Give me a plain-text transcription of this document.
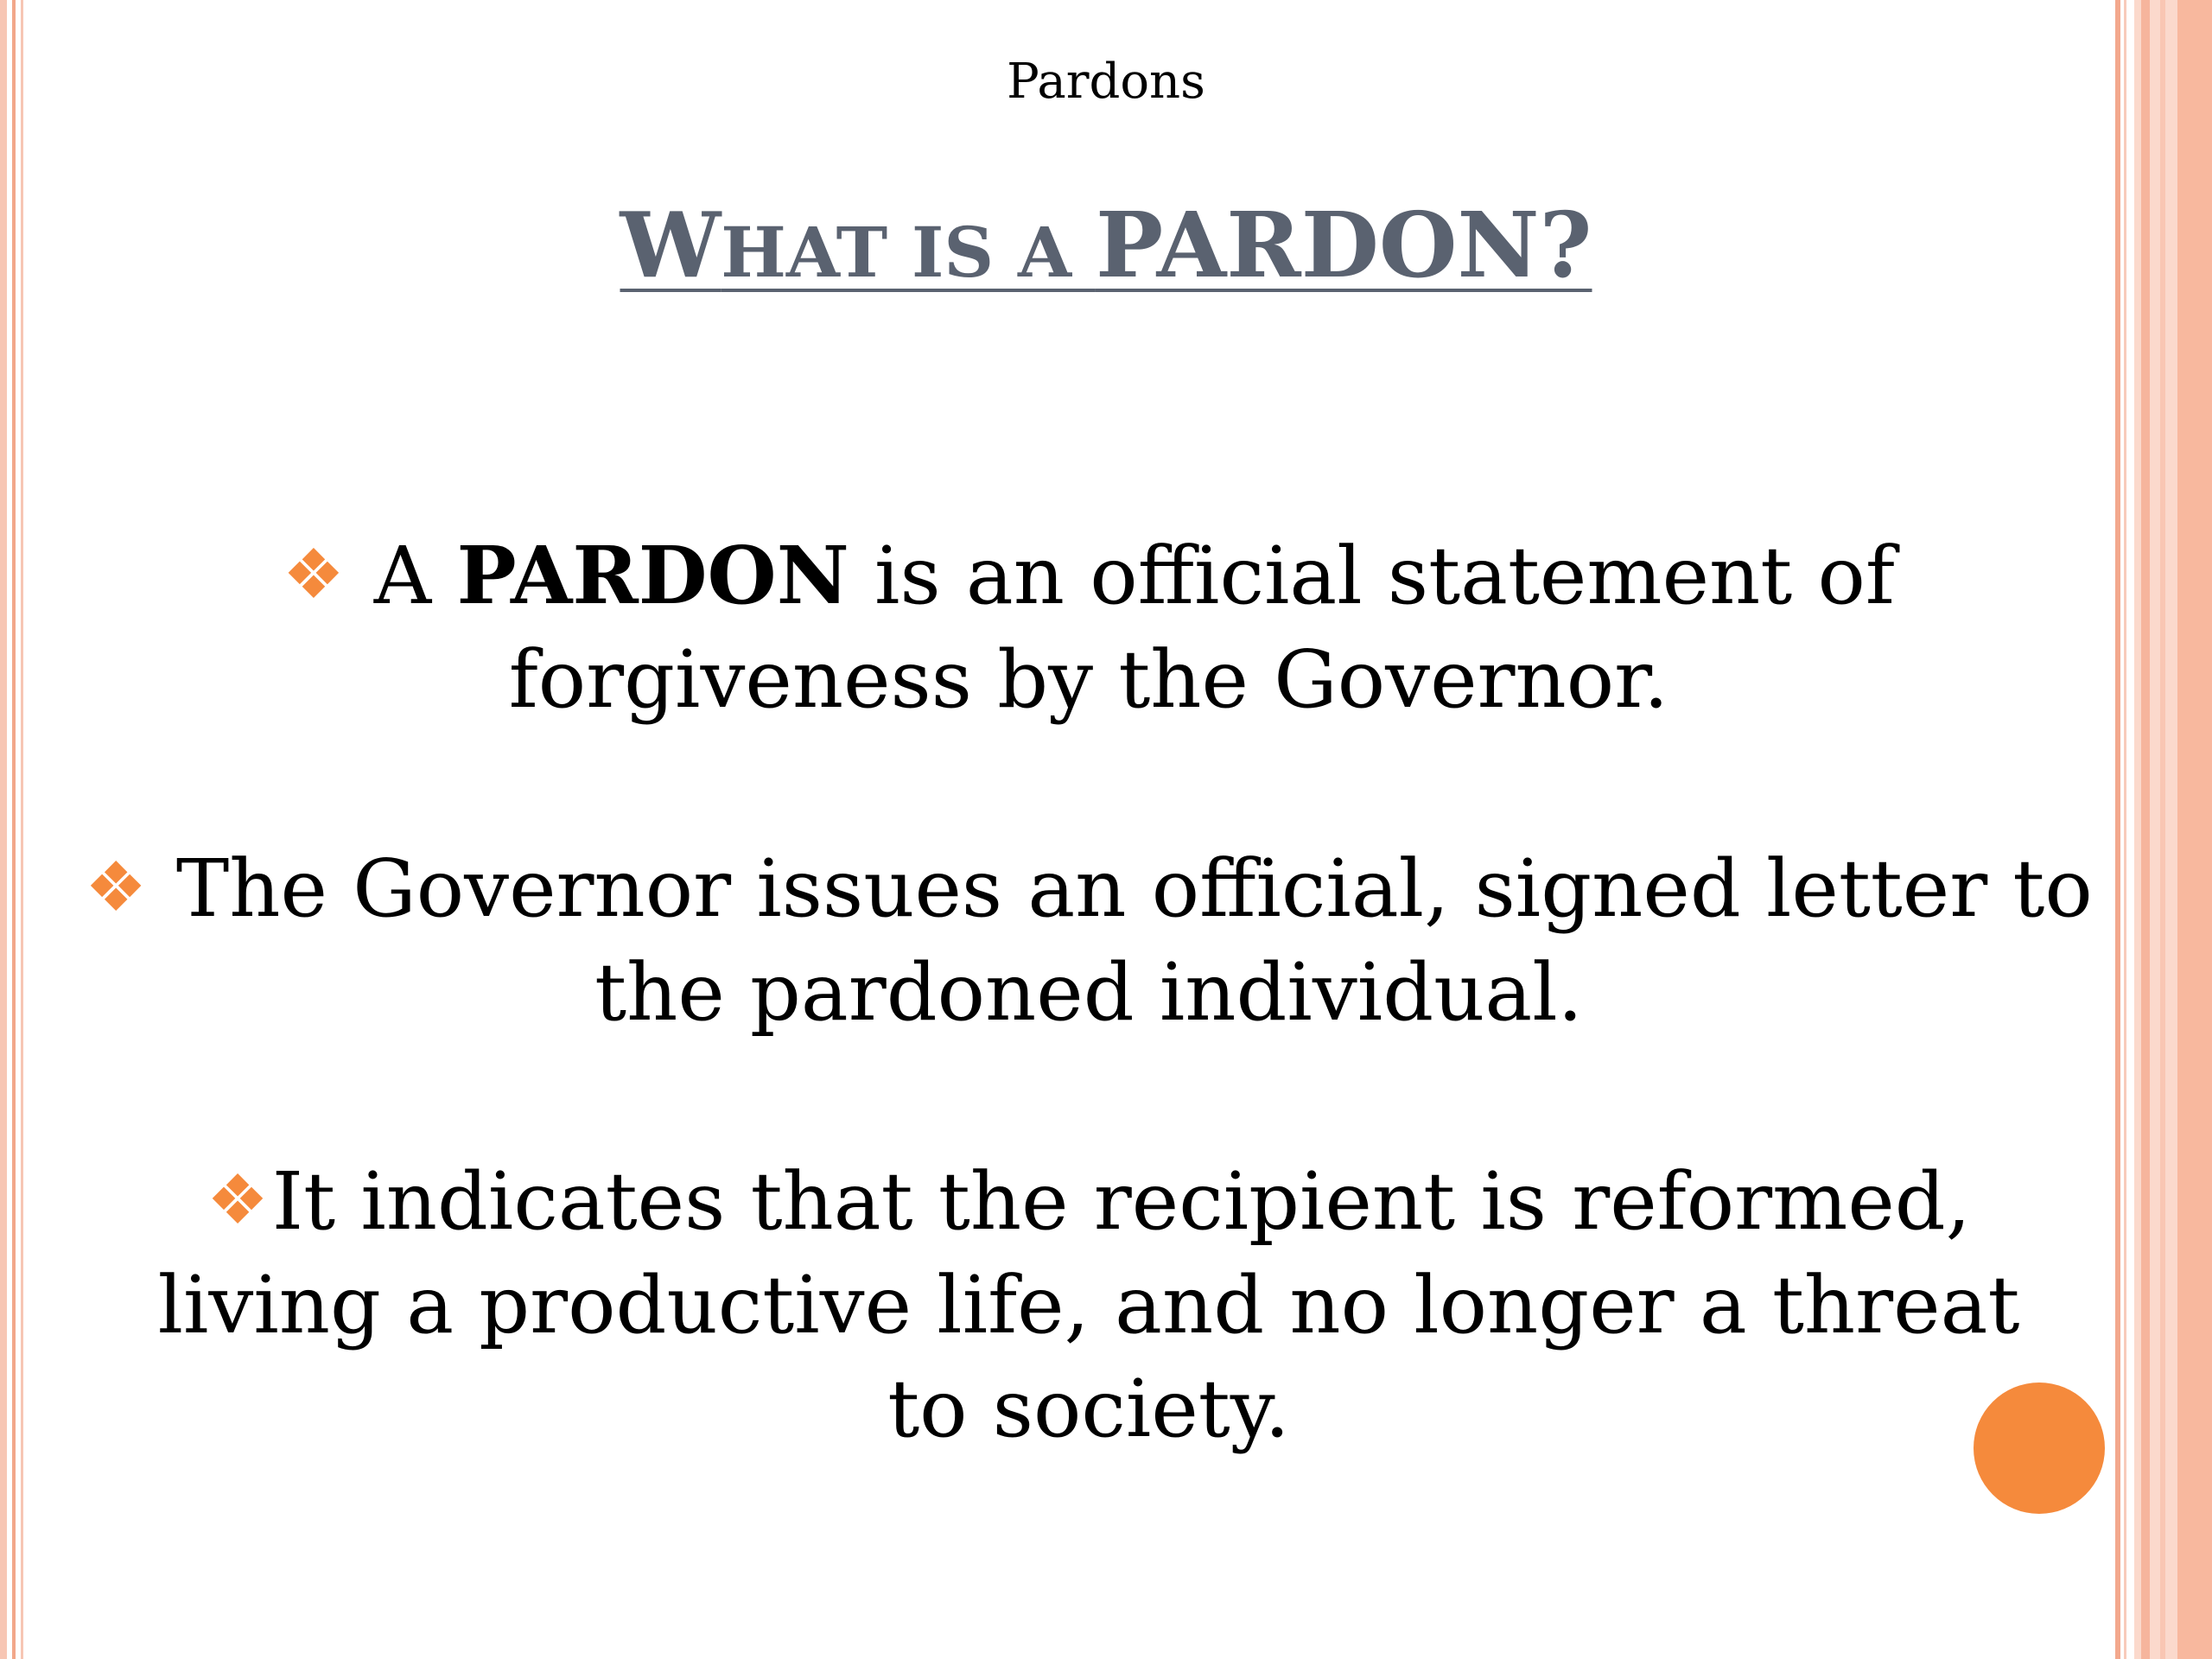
Pardons
WHAT IS A PARDON?
❖ A PARDON is an official statement of
forgiveness by the Governor.
❖ The Governor issues an official, signed letter to
the pardoned individual.
❖It indicates that the recipient is reformed,
living a productive life, and no longer a threat
to society.
